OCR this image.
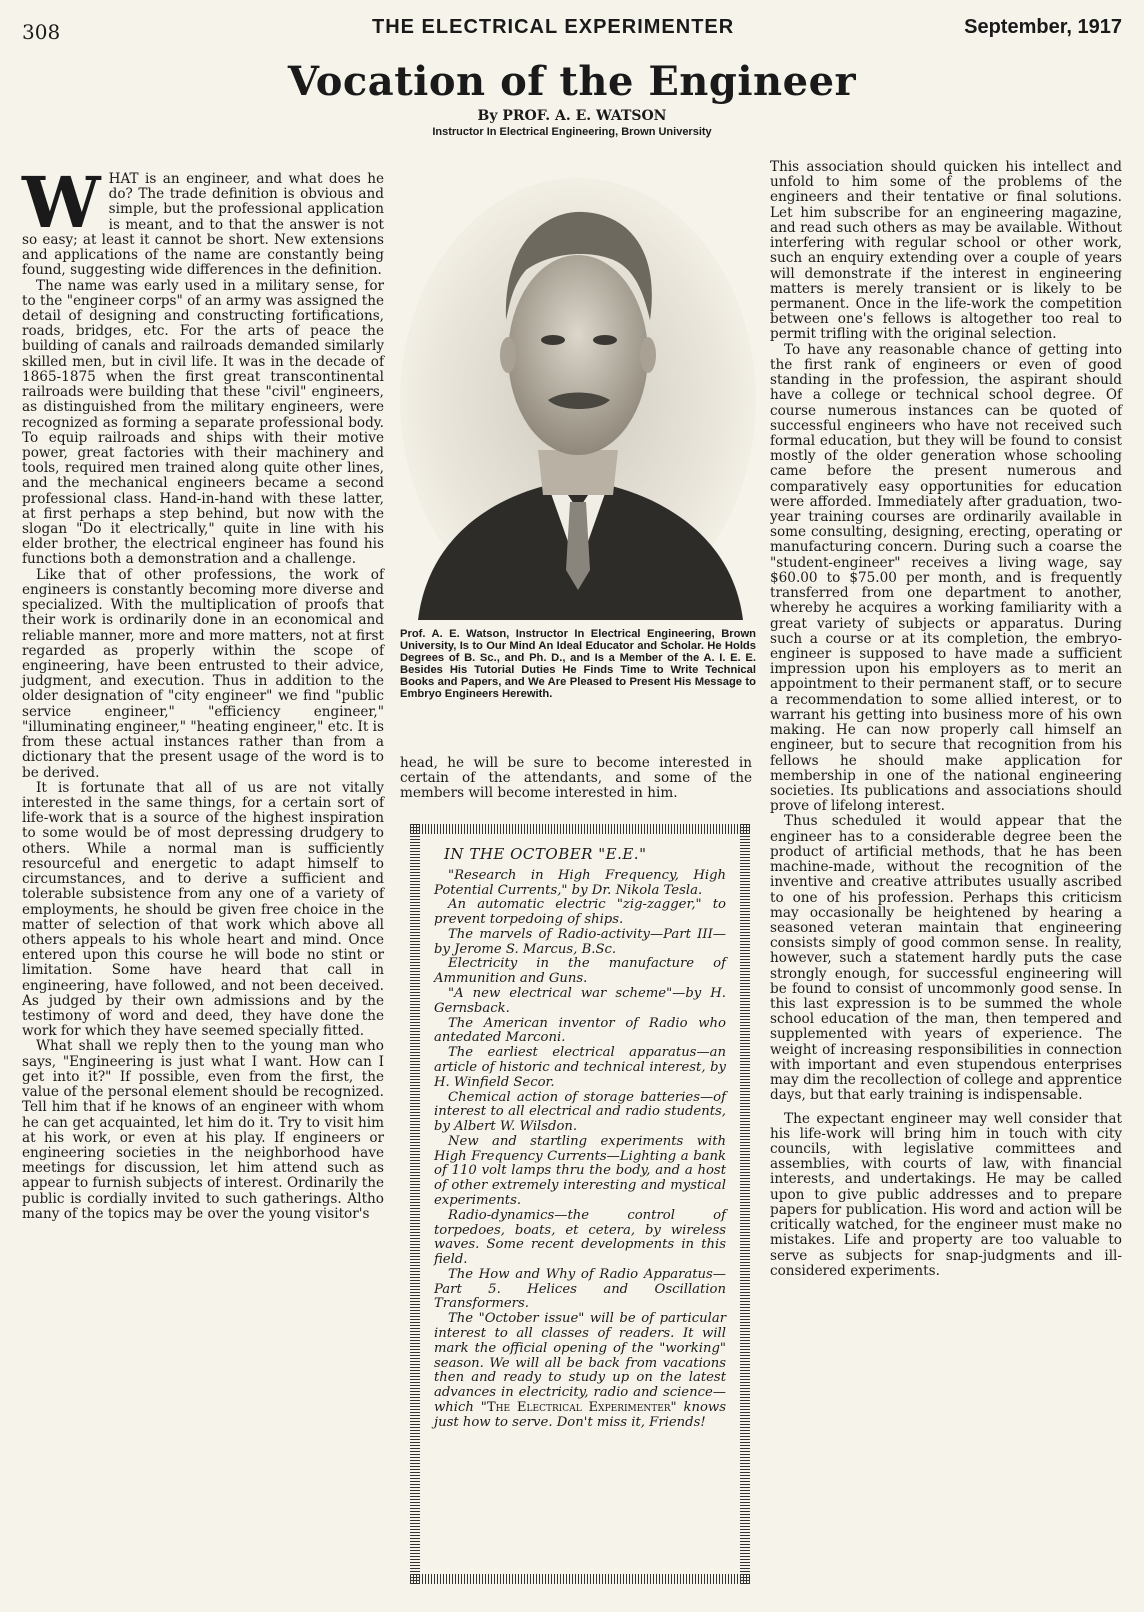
308	THE ELECTRICAL EXPERIMENTER	September, 1917
Vocation of the Engineer
By PROF. A. E. WATSON
Instructor In Electrical Engineering, Brown University

WHAT is an engineer, and what does he do? The trade definition is obvious and simple, but the professional application is meant, and to that the answer is not so easy; at least it cannot be short. New extensions and applications of the name are constantly being found, suggesting wide differences in the definition.

The name was early used in a military sense, for to the "engineer corps" of an army was assigned the detail of designing and constructing fortifications, roads, bridges, etc. For the arts of peace the building of canals and railroads demanded similarly skilled men, but in civil life. It was in the decade of 1865-1875 when the first great transcontinental railroads were building that these "civil" engineers, as distinguished from the military engineers, were recognized as forming a separate professional body. To equip railroads and ships with their motive power, great factories with their machinery and tools, required men trained along quite other lines, and the mechanical engineers became a second professional class. Hand-in-hand with these latter, at first perhaps a step behind, but now with the slogan "Do it electrically," quite in line with his elder brother, the electrical engineer has found his functions both a demonstration and a challenge.

Like that of other professions, the work of engineers is constantly becoming more diverse and specialized. With the multiplication of proofs that their work is ordinarily done in an economical and reliable manner, more and more matters, not at first regarded as properly within the scope of engineering, have been entrusted to their advice, judgment, and execution. Thus in addition to the older designation of "city engineer" we find "public service engineer," "efficiency engineer," "illuminating engineer," "heating engineer," etc. It is from these actual instances rather than from a dictionary that the present usage of the word is to be derived.

It is fortunate that all of us are not vitally interested in the same things, for a certain sort of life-work that is a source of the highest inspiration to some would be of most depressing drudgery to others. While a normal man is sufficiently resourceful and energetic to adapt himself to circumstances, and to derive a sufficient and tolerable subsistence from any one of a variety of employments, he should be given free choice in the matter of selection of that work which above all others appeals to his whole heart and mind. Once entered upon this course he will bode no stint or limitation. Some have heard that call in engineering, have followed, and not been deceived. As judged by their own admissions and by the testimony of word and deed, they have done the work for which they have seemed specially fitted.

What shall we reply then to the young man who says, "Engineering is just what I want. How can I get into it?" If possible, even from the first, the value of the personal element should be recognized. Tell him that if he knows of an engineer with whom he can get acquainted, let him do it. Try to visit him at his work, or even at his play. If engineers or engineering societies in the neighborhood have meetings for discussion, let him attend such as appear to furnish subjects of interest. Ordinarily the public is cordially invited to such gatherings. Altho many of the topics may be over the young visitor's

Prof. A. E. Watson, Instructor In Electrical Engineering, Brown University, Is to Our Mind An Ideal Educator and Scholar. He Holds Degrees of B. Sc., and Ph. D., and Is a Member of the A. I. E. E. Besides His Tutorial Duties He Finds Time to Write Technical Books and Papers, and We Are Pleased to Present His Message to Embryo Engineers Herewith.

head, he will be sure to become interested in certain of the attendants, and some of the members will become interested in him.

IN THE OCTOBER "E.E."

"Research in High Frequency, High Potential Currents," by Dr. Nikola Tesla.

An automatic electric "zig-zagger," to prevent torpedoing of ships.

The marvels of Radio-activity—Part III—by Jerome S. Marcus, B.Sc.

Electricity in the manufacture of Ammunition and Guns.

"A new electrical war scheme"—by H. Gernsback.

The American inventor of Radio who antedated Marconi.

The earliest electrical apparatus—an article of historic and technical interest, by H. Winfield Secor.

Chemical action of storage batteries—of interest to all electrical and radio students, by Albert W. Wilsdon.

New and startling experiments with High Frequency Currents—Lighting a bank of 110 volt lamps thru the body, and a host of other extremely interesting and mystical experiments.

Radio-dynamics—the control of torpedoes, boats, et cetera, by wireless waves. Some recent developments in this field.

The How and Why of Radio Apparatus—Part 5. Helices and Oscillation Transformers.

The "October issue" will be of particular interest to all classes of readers. It will mark the official opening of the "working" season. We will all be back from vacations then and ready to study up on the latest advances in electricity, radio and science—which "The Electrical Experimenter" knows just how to serve. Don't miss it, Friends!

This association should quicken his intellect and unfold to him some of the problems of the engineers and their tentative or final solutions. Let him subscribe for an engineering magazine, and read such others as may be available. Without interfering with regular school or other work, such an enquiry extending over a couple of years will demonstrate if the interest in engineering matters is merely transient or is likely to be permanent. Once in the life-work the competition between one's fellows is altogether too real to permit trifling with the original selection.

To have any reasonable chance of getting into the first rank of engineers or even of good standing in the profession, the aspirant should have a college or technical school degree. Of course numerous instances can be quoted of successful engineers who have not received such formal education, but they will be found to consist mostly of the older generation whose schooling came before the present numerous and comparatively easy opportunities for education were afforded. Immediately after graduation, two-year training courses are ordinarily available in some consulting, designing, erecting, operating or manufacturing concern. During such a coarse the "student-engineer" receives a living wage, say $60.00 to $75.00 per month, and is frequently transferred from one department to another, whereby he acquires a working familiarity with a great variety of subjects or apparatus. During such a course or at its completion, the embryo-engineer is supposed to have made a sufficient impression upon his employers as to merit an appointment to their permanent staff, or to secure a recommendation to some allied interest, or to warrant his getting into business more of his own making. He can now properly call himself an engineer, but to secure that recognition from his fellows he should make application for membership in one of the national engineering societies. Its publications and associations should prove of lifelong interest.

Thus scheduled it would appear that the engineer has to a considerable degree been the product of artificial methods, that he has been machine-made, without the recognition of the inventive and creative attributes usually ascribed to one of his profession. Perhaps this criticism may occasionally be heightened by hearing a seasoned veteran maintain that engineering consists simply of good common sense. In reality, however, such a statement hardly puts the case strongly enough, for successful engineering will be found to consist of uncommonly good sense. In this last expression is to be summed the whole school education of the man, then tempered and supplemented with years of experience. The weight of increasing responsibilities in connection with important and even stupendous enterprises may dim the recollection of college and apprentice days, but that early training is indispensable.

The expectant engineer may well consider that his life-work will bring him in touch with city councils, with legislative committees and assemblies, with courts of law, with financial interests, and undertakings. He may be called upon to give public addresses and to prepare papers for publication. His word and action will be critically watched, for the engineer must make no mistakes. Life and property are too valuable to serve as subjects for snap-judgments and ill-considered experiments.
